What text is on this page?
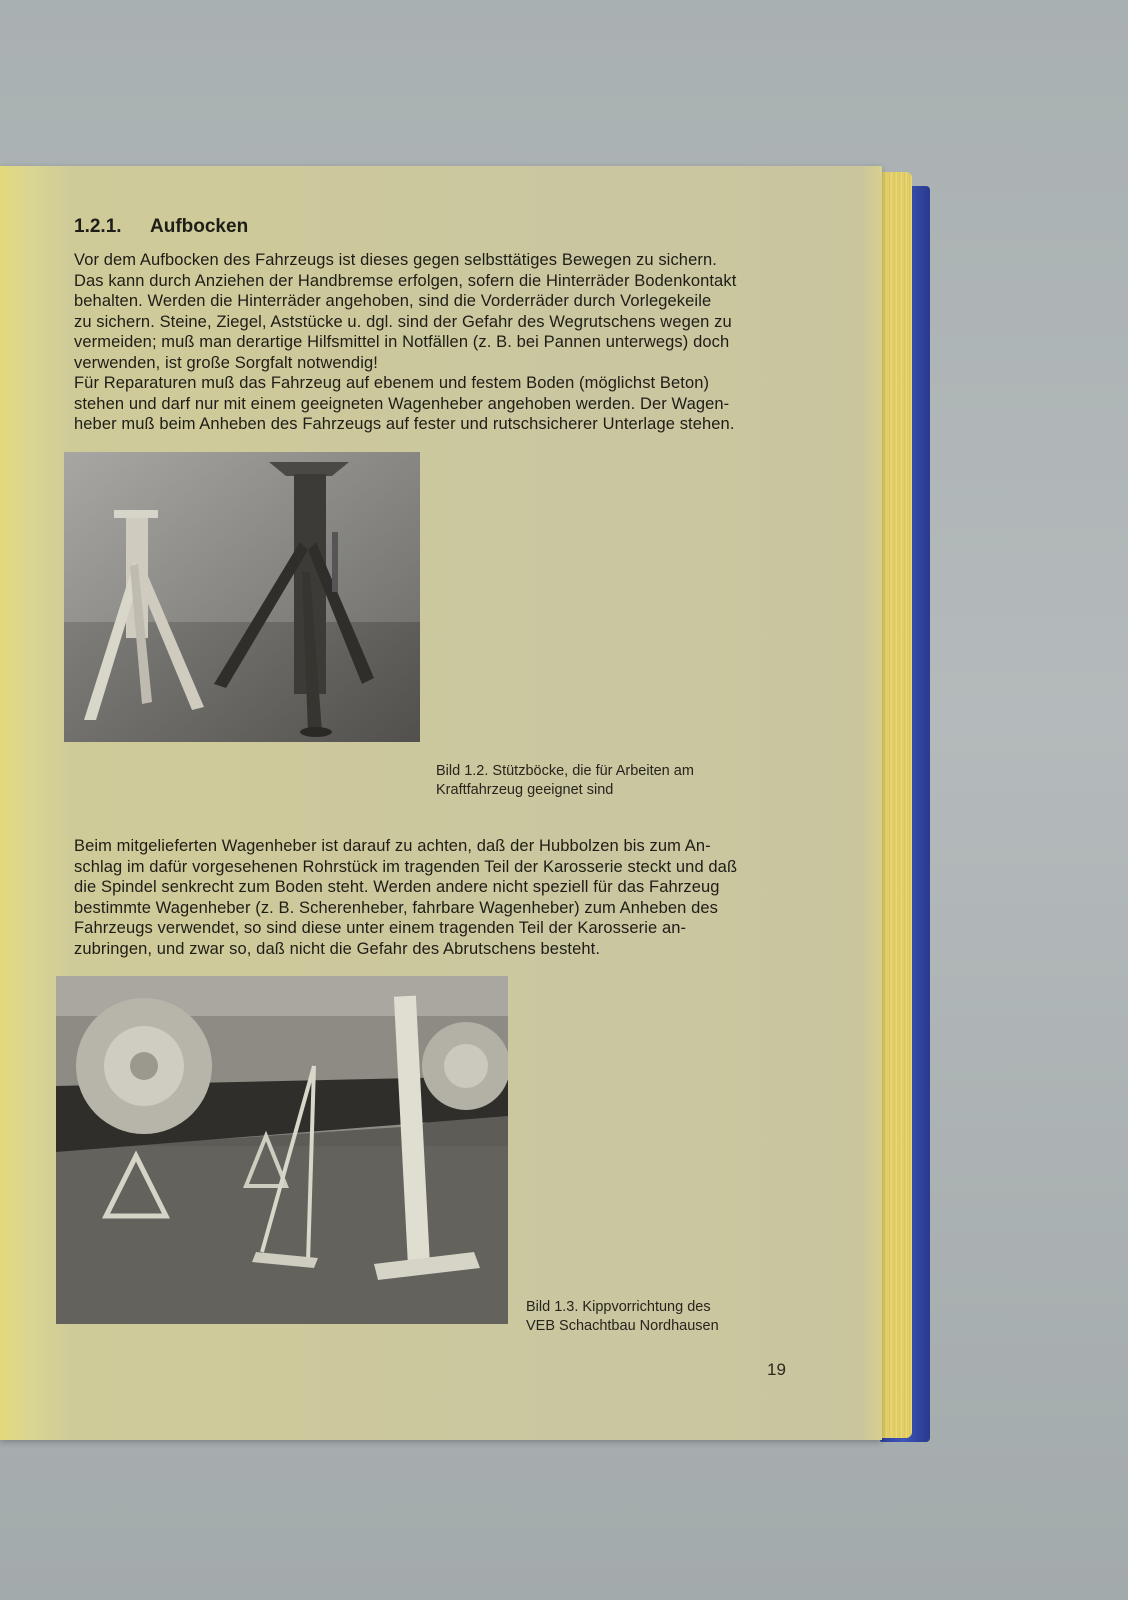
1.2.1. Aufbocken

Vor dem Aufbocken des Fahrzeugs ist dieses gegen selbsttätiges Bewegen zu sichern.
Das kann durch Anziehen der Handbremse erfolgen, sofern die Hinterräder Bodenkontakt
behalten. Werden die Hinterräder angehoben, sind die Vorderräder durch Vorlegekeile
zu sichern. Steine, Ziegel, Aststücke u. dgl. sind der Gefahr des Wegrutschens wegen zu
vermeiden; muß man derartige Hilfsmittel in Notfällen (z. B. bei Pannen unterwegs) doch
verwenden, ist große Sorgfalt notwendig!
Für Reparaturen muß das Fahrzeug auf ebenem und festem Boden (möglichst Beton)
stehen und darf nur mit einem geeigneten Wagenheber angehoben werden. Der Wagen-
heber muß beim Anheben des Fahrzeugs auf fester und rutschsicherer Unterlage stehen.

Bild 1.2. Stützböcke, die für Arbeiten am
Kraftfahrzeug geeignet sind

Beim mitgelieferten Wagenheber ist darauf zu achten, daß der Hubbolzen bis zum An-
schlag im dafür vorgesehenen Rohrstück im tragenden Teil der Karosserie steckt und daß
die Spindel senkrecht zum Boden steht. Werden andere nicht speziell für das Fahrzeug
bestimmte Wagenheber (z. B. Scherenheber, fahrbare Wagenheber) zum Anheben des
Fahrzeugs verwendet, so sind diese unter einem tragenden Teil der Karosserie an-
zubringen, und zwar so, daß nicht die Gefahr des Abrutschens besteht.

Bild 1.3. Kippvorrichtung des
VEB Schachtbau Nordhausen
19
